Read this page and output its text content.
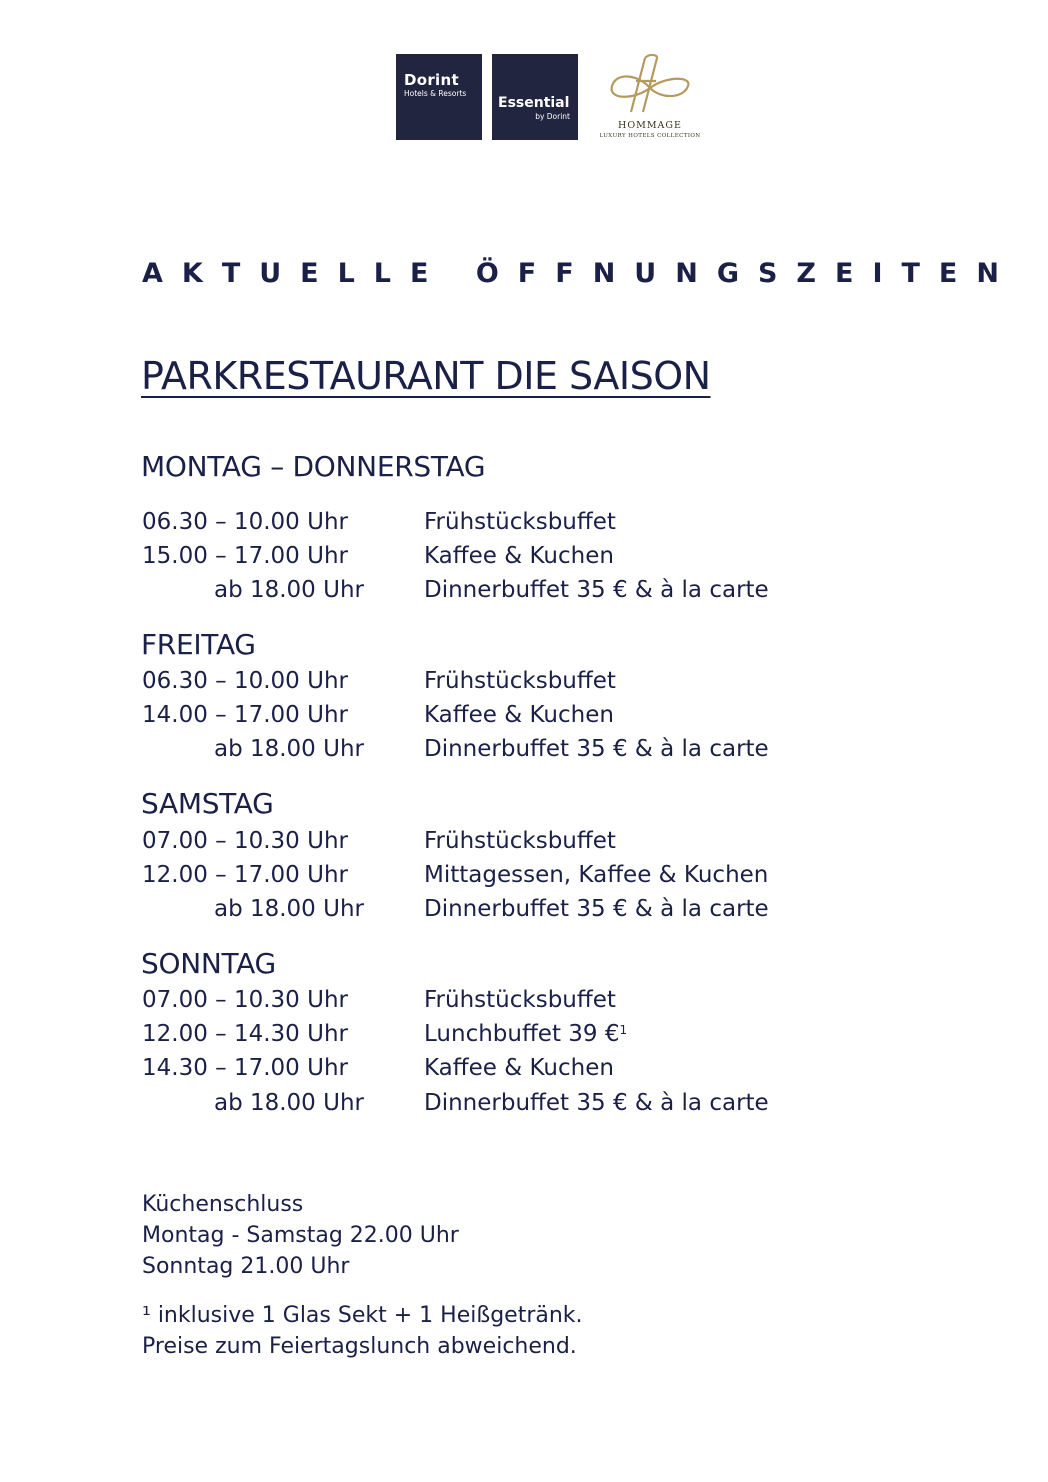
Dorint
Hotels & Resorts
Essential
by Dorint
HOMMAGE
LUXURY HOTELS COLLECTION
AKTUELLE ÖFFNUNGSZEITEN
PARKRESTAURANT DIE SAISON
MONTAG – DONNERSTAG
06.30 – 10.00 Uhr	Frühstücksbuffet
15.00 – 17.00 Uhr	Kaffee & Kuchen
ab 18.00 Uhr	Dinnerbuffet 35 € & à la carte
FREITAG
06.30 – 10.00 Uhr	Frühstücksbuffet
14.00 – 17.00 Uhr	Kaffee & Kuchen
ab 18.00 Uhr	Dinnerbuffet 35 € & à la carte
SAMSTAG
07.00 – 10.30 Uhr	Frühstücksbuffet
12.00 – 17.00 Uhr	Mittagessen, Kaffee & Kuchen
ab 18.00 Uhr	Dinnerbuffet 35 € & à la carte
SONNTAG
07.00 – 10.30 Uhr	Frühstücksbuffet
12.00 – 14.30 Uhr	Lunchbuffet 39 €$^1$
14.30 – 17.00 Uhr	Kaffee & Kuchen
ab 18.00 Uhr	Dinnerbuffet 35 € & à la carte
Küchenschluss
Montag - Samstag 22.00 Uhr
Sonntag 21.00 Uhr
¹ inklusive 1 Glas Sekt + 1 Heißgetränk.
Preise zum Feiertagslunch abweichend.
